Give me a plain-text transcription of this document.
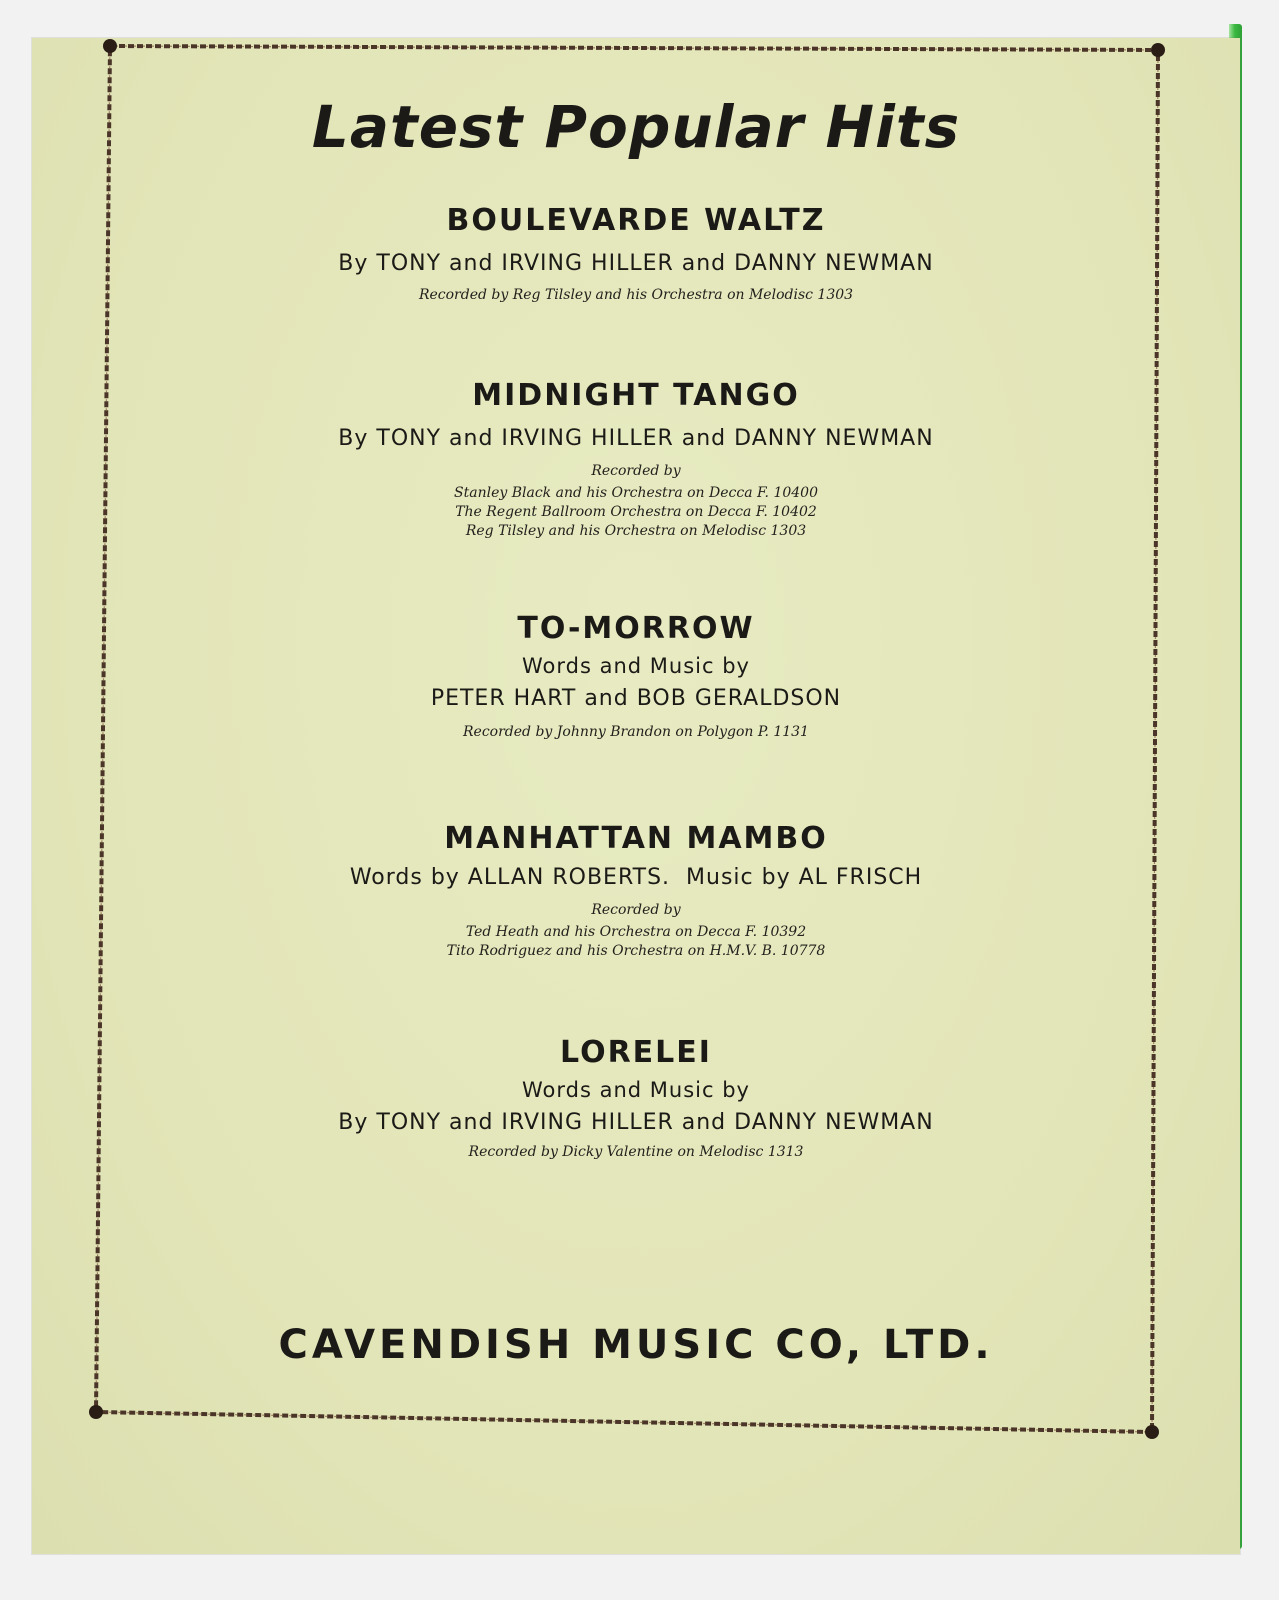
Latest Popular Hits

BOULEVARDE WALTZ

By TONY and IRVING HILLER and DANNY NEWMAN

Recorded by Reg Tilsley and his Orchestra on Melodisc 1303

MIDNIGHT TANGO

By TONY and IRVING HILLER and DANNY NEWMAN

Recorded by

Stanley Black and his Orchestra on Decca F. 10400
The Regent Ballroom Orchestra on Decca F. 10402
Reg Tilsley and his Orchestra on Melodisc 1303

TO-MORROW

Words and Music by

PETER HART and BOB GERALDSON

Recorded by Johnny Brandon on Polygon P. 1131

MANHATTAN MAMBO

Words by ALLAN ROBERTS.  Music by AL FRISCH

Recorded by

Ted Heath and his Orchestra on Decca F. 10392
Tito Rodriguez and his Orchestra on H.M.V. B. 10778

LORELEI

Words and Music by

By TONY and IRVING HILLER and DANNY NEWMAN

Recorded by Dicky Valentine on Melodisc 1313

CAVENDISH MUSIC CO, LTD.
